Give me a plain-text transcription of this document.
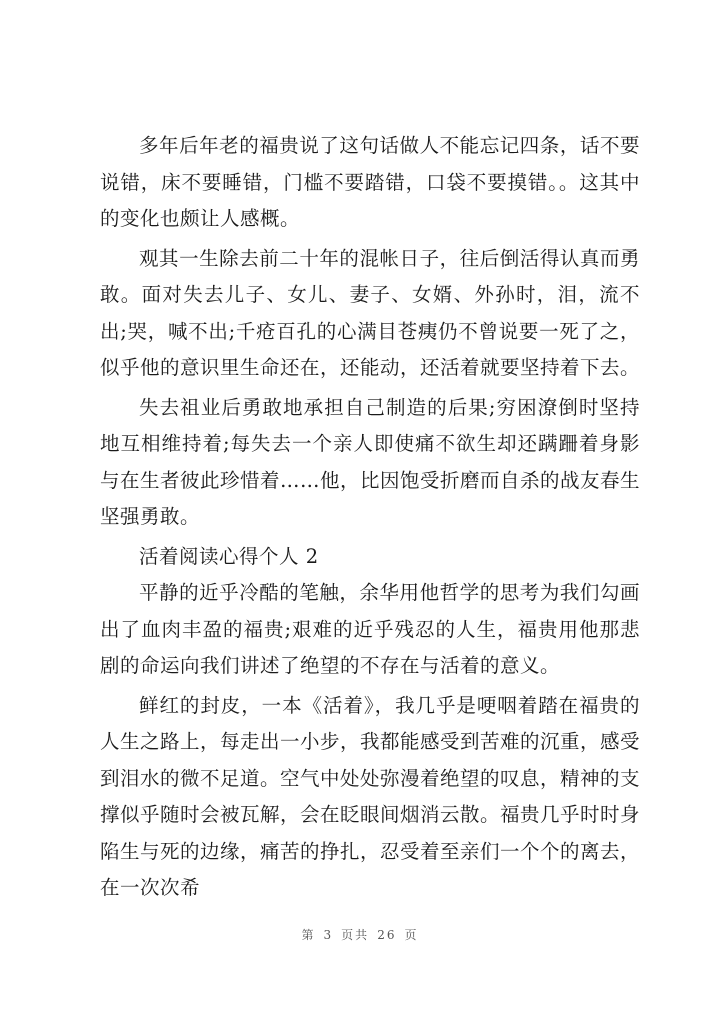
多年后年老的福贵说了这句话做人不能忘记四条，话不要说错，床不要睡错，门槛不要踏错，口袋不要摸错。。这其中的变化也颇让人感概。

观其一生除去前二十年的混帐日子，往后倒活得认真而勇敢。面对失去儿子、女儿、妻子、女婿、外孙时，泪，流不出;哭，喊不出;千疮百孔的心满目苍痍仍不曾说要一死了之，似乎他的意识里生命还在，还能动，还活着就要坚持着下去。

失去祖业后勇敢地承担自己制造的后果;穷困潦倒时坚持地互相维持着;每失去一个亲人即使痛不欲生却还蹒跚着身影与在生者彼此珍惜着……他，比因饱受折磨而自杀的战友春生坚强勇敢。

活着阅读心得个人 2

平静的近乎冷酷的笔触，余华用他哲学的思考为我们勾画出了血肉丰盈的福贵;艰难的近乎残忍的人生，福贵用他那悲剧的命运向我们讲述了绝望的不存在与活着的意义。

鲜红的封皮，一本《活着》，我几乎是哽咽着踏在福贵的人生之路上，每走出一小步，我都能感受到苦难的沉重，感受到泪水的微不足道。空气中处处弥漫着绝望的叹息，精神的支撑似乎随时会被瓦解，会在眨眼间烟消云散。福贵几乎时时身陷生与死的边缘，痛苦的挣扎，忍受着至亲们一个个的离去，在一次次希

第 3 页共 26 页
